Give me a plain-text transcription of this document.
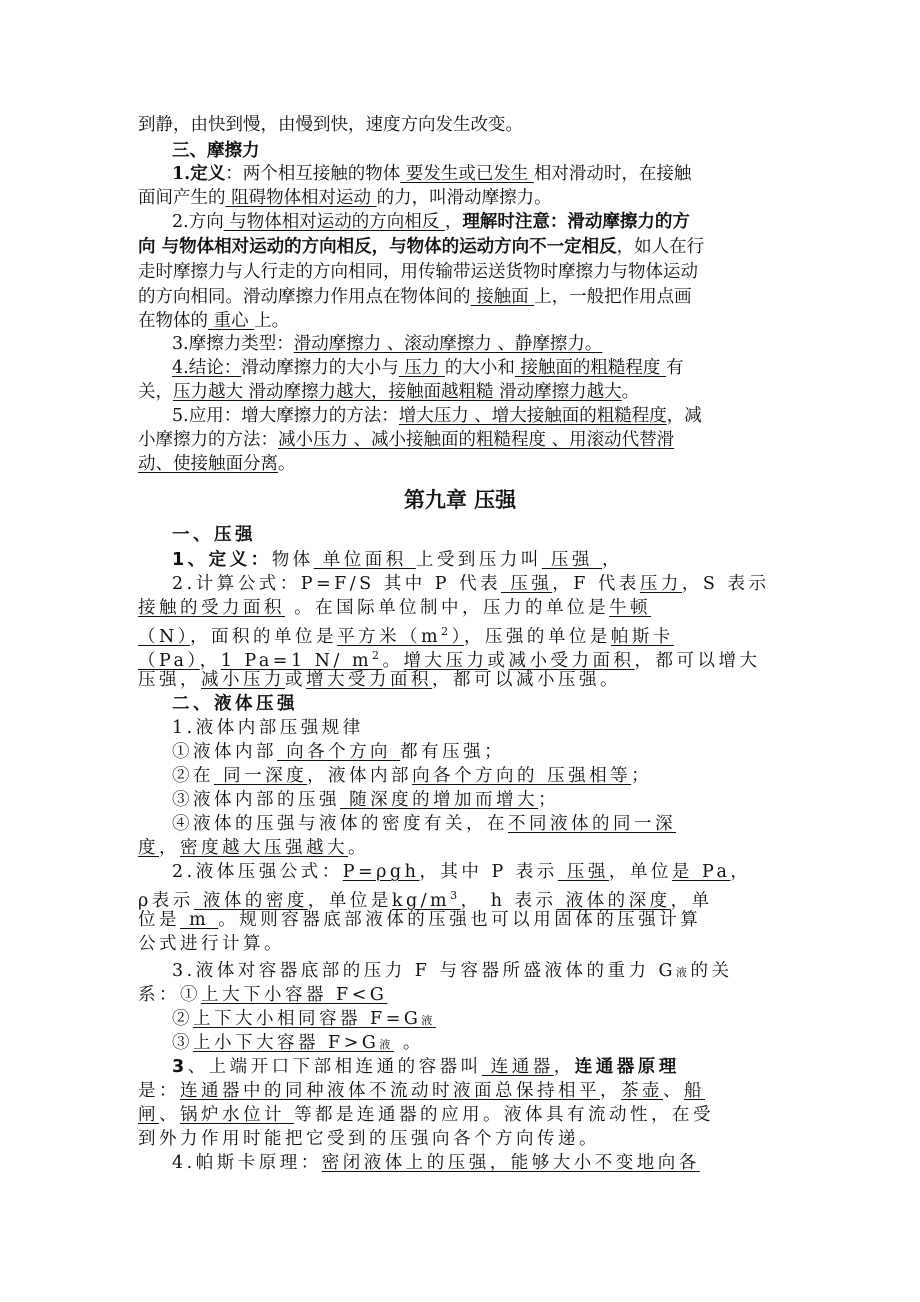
到静，由快到慢，由慢到快，速度方向发生改变。
三、摩擦力
1.定义：两个相互接触的物体 要发生或已发生 相对滑动时，在接触
面间产生的 阻碍物体相对运动 的力，叫滑动摩擦力。
2.方向 与物体相对运动的方向相反 ，理解时注意：滑动摩擦力的方
向 与物体相对运动的方向相反，与物体的运动方向不一定相反，如人在行
走时摩擦力与人行走的方向相同，用传输带运送货物时摩擦力与物体运动
的方向相同。滑动摩擦力作用点在物体间的 接触面 上，一般把作用点画
在物体的 重心 上。
3.摩擦力类型：滑动摩擦力 、滚动摩擦力 、静摩擦力。
4.结论：滑动摩擦力的大小与 压力 的大小和 接触面的粗糙程度 有
关，压力越大 滑动摩擦力越大，接触面越粗糙 滑动摩擦力越大。
5.应用：增大摩擦力的方法：增大压力 、增大接触面的粗糙程度，减
小摩擦力的方法：减小压力 、减小接触面的粗糙程度 、用滚动代替滑
动、使接触面分离。
第九章 压强
一、压强
1、定义：物体 单位面积 上受到压力叫 压强 ，
2.计算公式：P=F/S 其中 P 代表 压强，F 代表压力，S 表示
接触的受力面积 。在国际单位制中，压力的单位是牛顿
（N），面积的单位是平方米$(m^2)$，压强的单位是帕斯卡
（Pa），1 Pa=1 N/ $m^2$。增大压力或减小受力面积，都可以增大
压强，减小压力或增大受力面积，都可以减小压强。
二、液体压强
1.液体内部压强规律
①液体内部 向各个方向 都有压强；
②在 同一深度，液体内部向各个方向的 压强相等；
③液体内部的压强 随深度的增加而增大；
④液体的压强与液体的密度有关，在不同液体的同一深
度，密度越大压强越大。
2.液体压强公式：P=ρgh，其中 P 表示 压强，单位是 Pa，
ρ表示 液体的密度，单位是$kg/m^3$， h 表示 液体的深度，单
位是 m 。规则容器底部液体的压强也可以用固体的压强计算
公式进行计算。
3.液体对容器底部的压力 F 与容器所盛液体的重力 G液的关
系：①上大下小容器 F<G
②上下大小相同容器 F=G液
③上小下大容器 F>G液 。
3、上端开口下部相连通的容器叫 连通器，连通器原理
是：连通器中的同种液体不流动时液面总保持相平，茶壶、船
闸、锅炉水位计 等都是连通器的应用。液体具有流动性，在受
到外力作用时能把它受到的压强向各个方向传递。
4.帕斯卡原理：密闭液体上的压强，能够大小不变地向各
